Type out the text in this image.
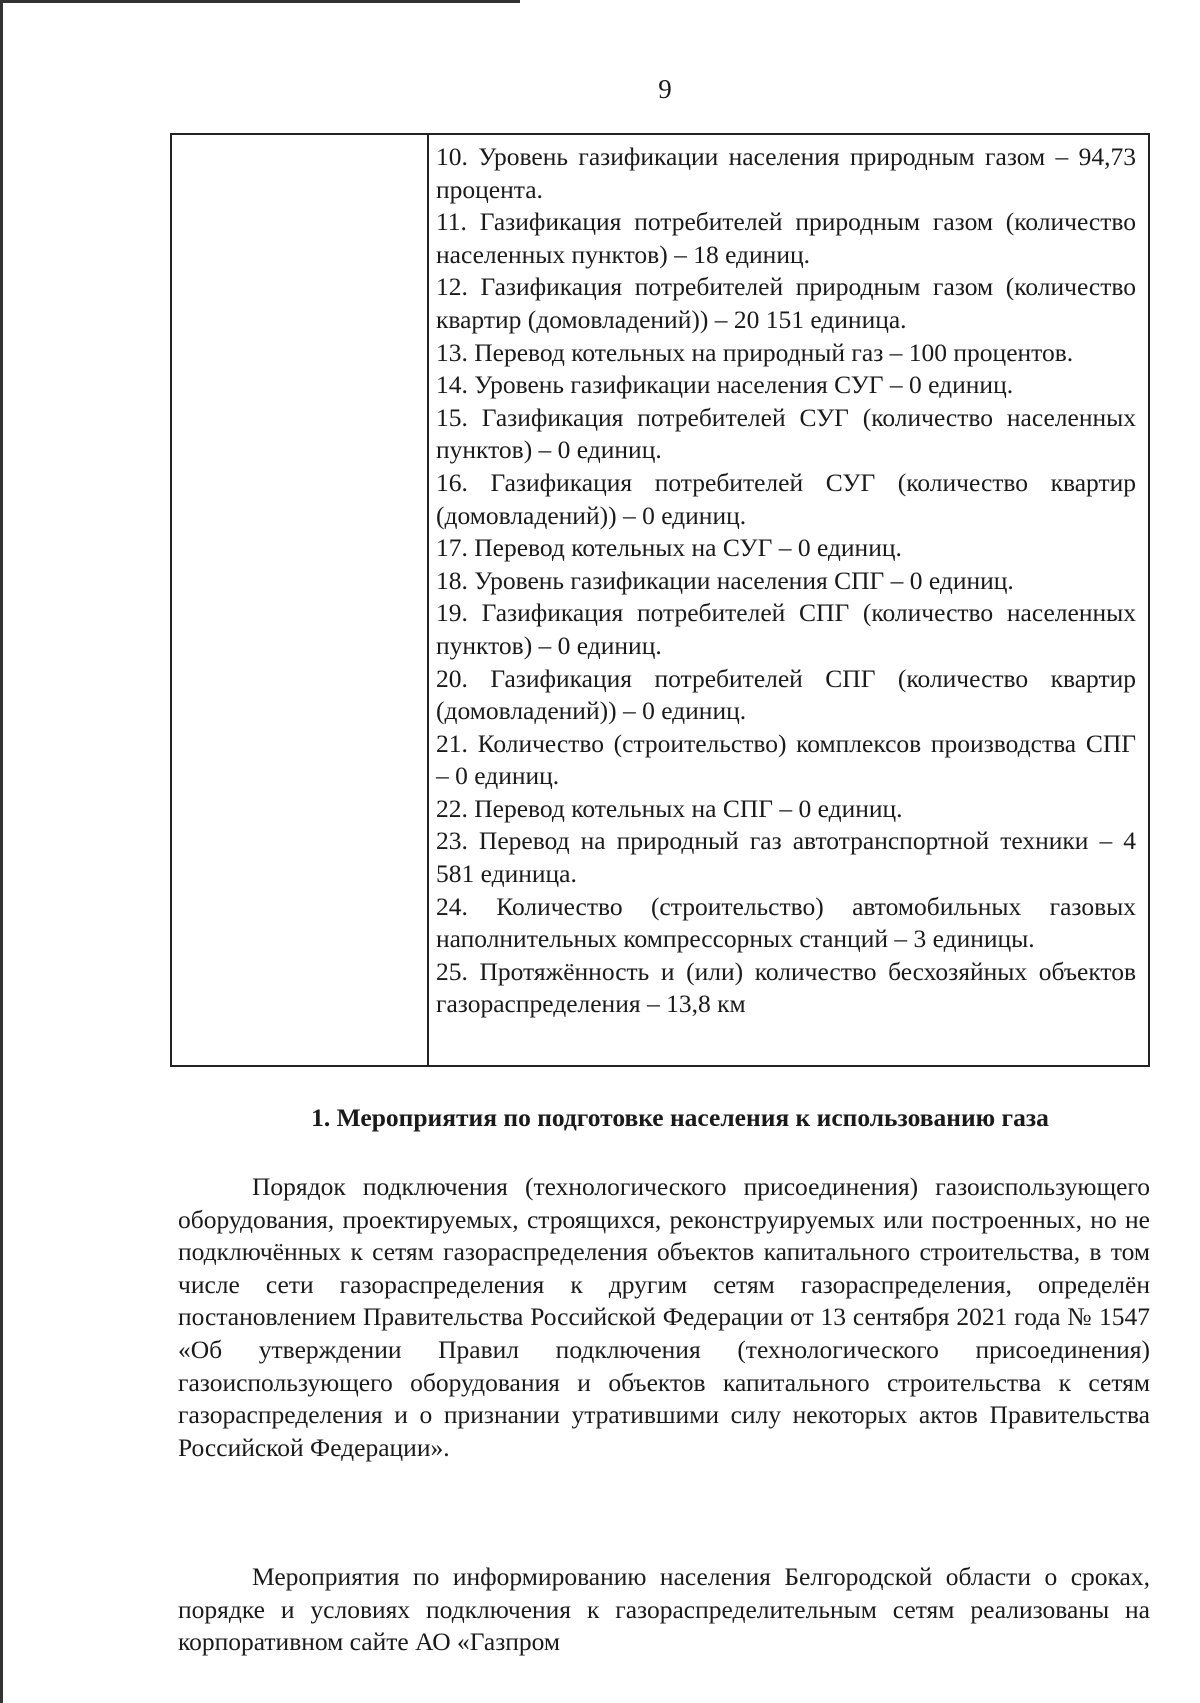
9
10. Уровень газификации населения природным газом – 94,73 процента.
11. Газификация потребителей природным газом (количество населенных пунктов) – 18 единиц.
12. Газификация потребителей природным газом (количество квартир (домовладений)) – 20 151 единица.
13. Перевод котельных на природный газ – 100 процентов.
14. Уровень газификации населения СУГ – 0 единиц.
15. Газификация потребителей СУГ (количество населенных пунктов) – 0 единиц.
16. Газификация потребителей СУГ (количество квартир (домовладений)) – 0 единиц.
17. Перевод котельных на СУГ – 0 единиц.
18. Уровень газификации населения СПГ – 0 единиц.
19. Газификация потребителей СПГ (количество населенных пунктов) – 0 единиц.
20. Газификация потребителей СПГ (количество квартир (домовладений)) – 0 единиц.
21. Количество (строительство) комплексов производства СПГ – 0 единиц.
22. Перевод котельных на СПГ – 0 единиц.
23. Перевод на природный газ автотранспортной техники – 4 581 единица.
24. Количество (строительство) автомобильных газовых наполнительных компрессорных станций – 3 единицы.
25. Протяжённость и (или) количество бесхозяйных объектов газораспределения – 13,8 км
1. Мероприятия по подготовке населения к использованию газа

Порядок подключения (технологического присоединения) газоиспользующего оборудования, проектируемых, строящихся, реконструируемых или построенных, но не подключённых к сетям газораспределения объектов капитального строительства, в том числе сети газораспределения к другим сетям газораспределения, определён постановлением Правительства Российской Федерации от 13 сентября 2021 года № 1547 «Об утверждении Правил подключения (технологического присоединения) газоиспользующего оборудования и объектов капитального строительства к сетям газораспределения и о признании утратившими силу некоторых актов Правительства Российской Федерации».

Мероприятия по информированию населения Белгородской области о сроках, порядке и условиях подключения к газораспределительным сетям реализованы на корпоративном сайте АО «Газпром
